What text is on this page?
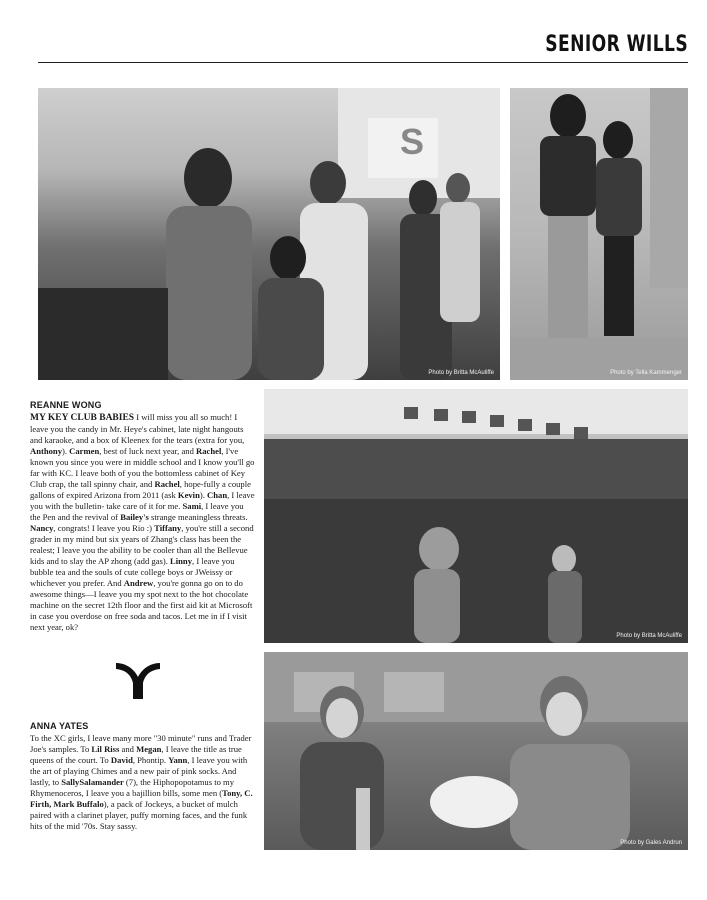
SENIOR WILLS
S
Photo by Britta McAuliffe	Photo by Tella Kammenger
Photo by Britta McAuliffe
Photo by Gales Andrun
REANNE WONG

MY KEY CLUB BABIES I will miss you all so much! I leave you the candy in Mr. Heye's cabinet, late night hangouts and karaoke, and a box of Kleenex for the tears (extra for you, Anthony). Carmen, best of luck next year, and Rachel, I've known you since you were in middle school and I know you'll go far with KC. I leave both of you the bottomless cabinet of Key Club crap, the tall spinny chair, and Rachel, hope-fully a couple gallons of expired Arizona from 2011 (ask Kevin). Chan, I leave you with the bulletin- take care of it for me. Sami, I leave you the Pen and the revival of Bailey's strange meaningless threats. Nancy, congrats! I leave you Rio :) Tiffany, you're still a second grader in my mind but six years of Zhang's class has been the realest; I leave you the ability to be cooler than all the Bellevue kids and to slay the AP zhong (add gas). Linny, I leave you bubble tea and the souls of cute college boys or JWeissy or whichever you prefer. And Andrew, you're gonna go on to do awesome things—I leave you my spot next to the hot chocolate machine on the secret 12th floor and the first aid kit at Microsoft in case you overdose on free soda and tacos. Let me in if I visit next year, ok?

ANNA YATES

To the XC girls, I leave many more "30 minute" runs and Trader Joe's samples. To Lil Riss and Megan, I leave the title as true queens of the court. To David, Phontip. Yann, I leave you with the art of playing Chimes and a new pair of pink socks. And lastly, to SallySalamander (7), the Hiphopopotamus to my Rhymenoceros, I leave you a bajillion bills, some men (Tony, C. Firth, Mark Buffalo), a pack of Jockeys, a bucket of mulch paired with a clarinet player, puffy morning faces, and the funk hits of the mid '70s. Stay sassy.
